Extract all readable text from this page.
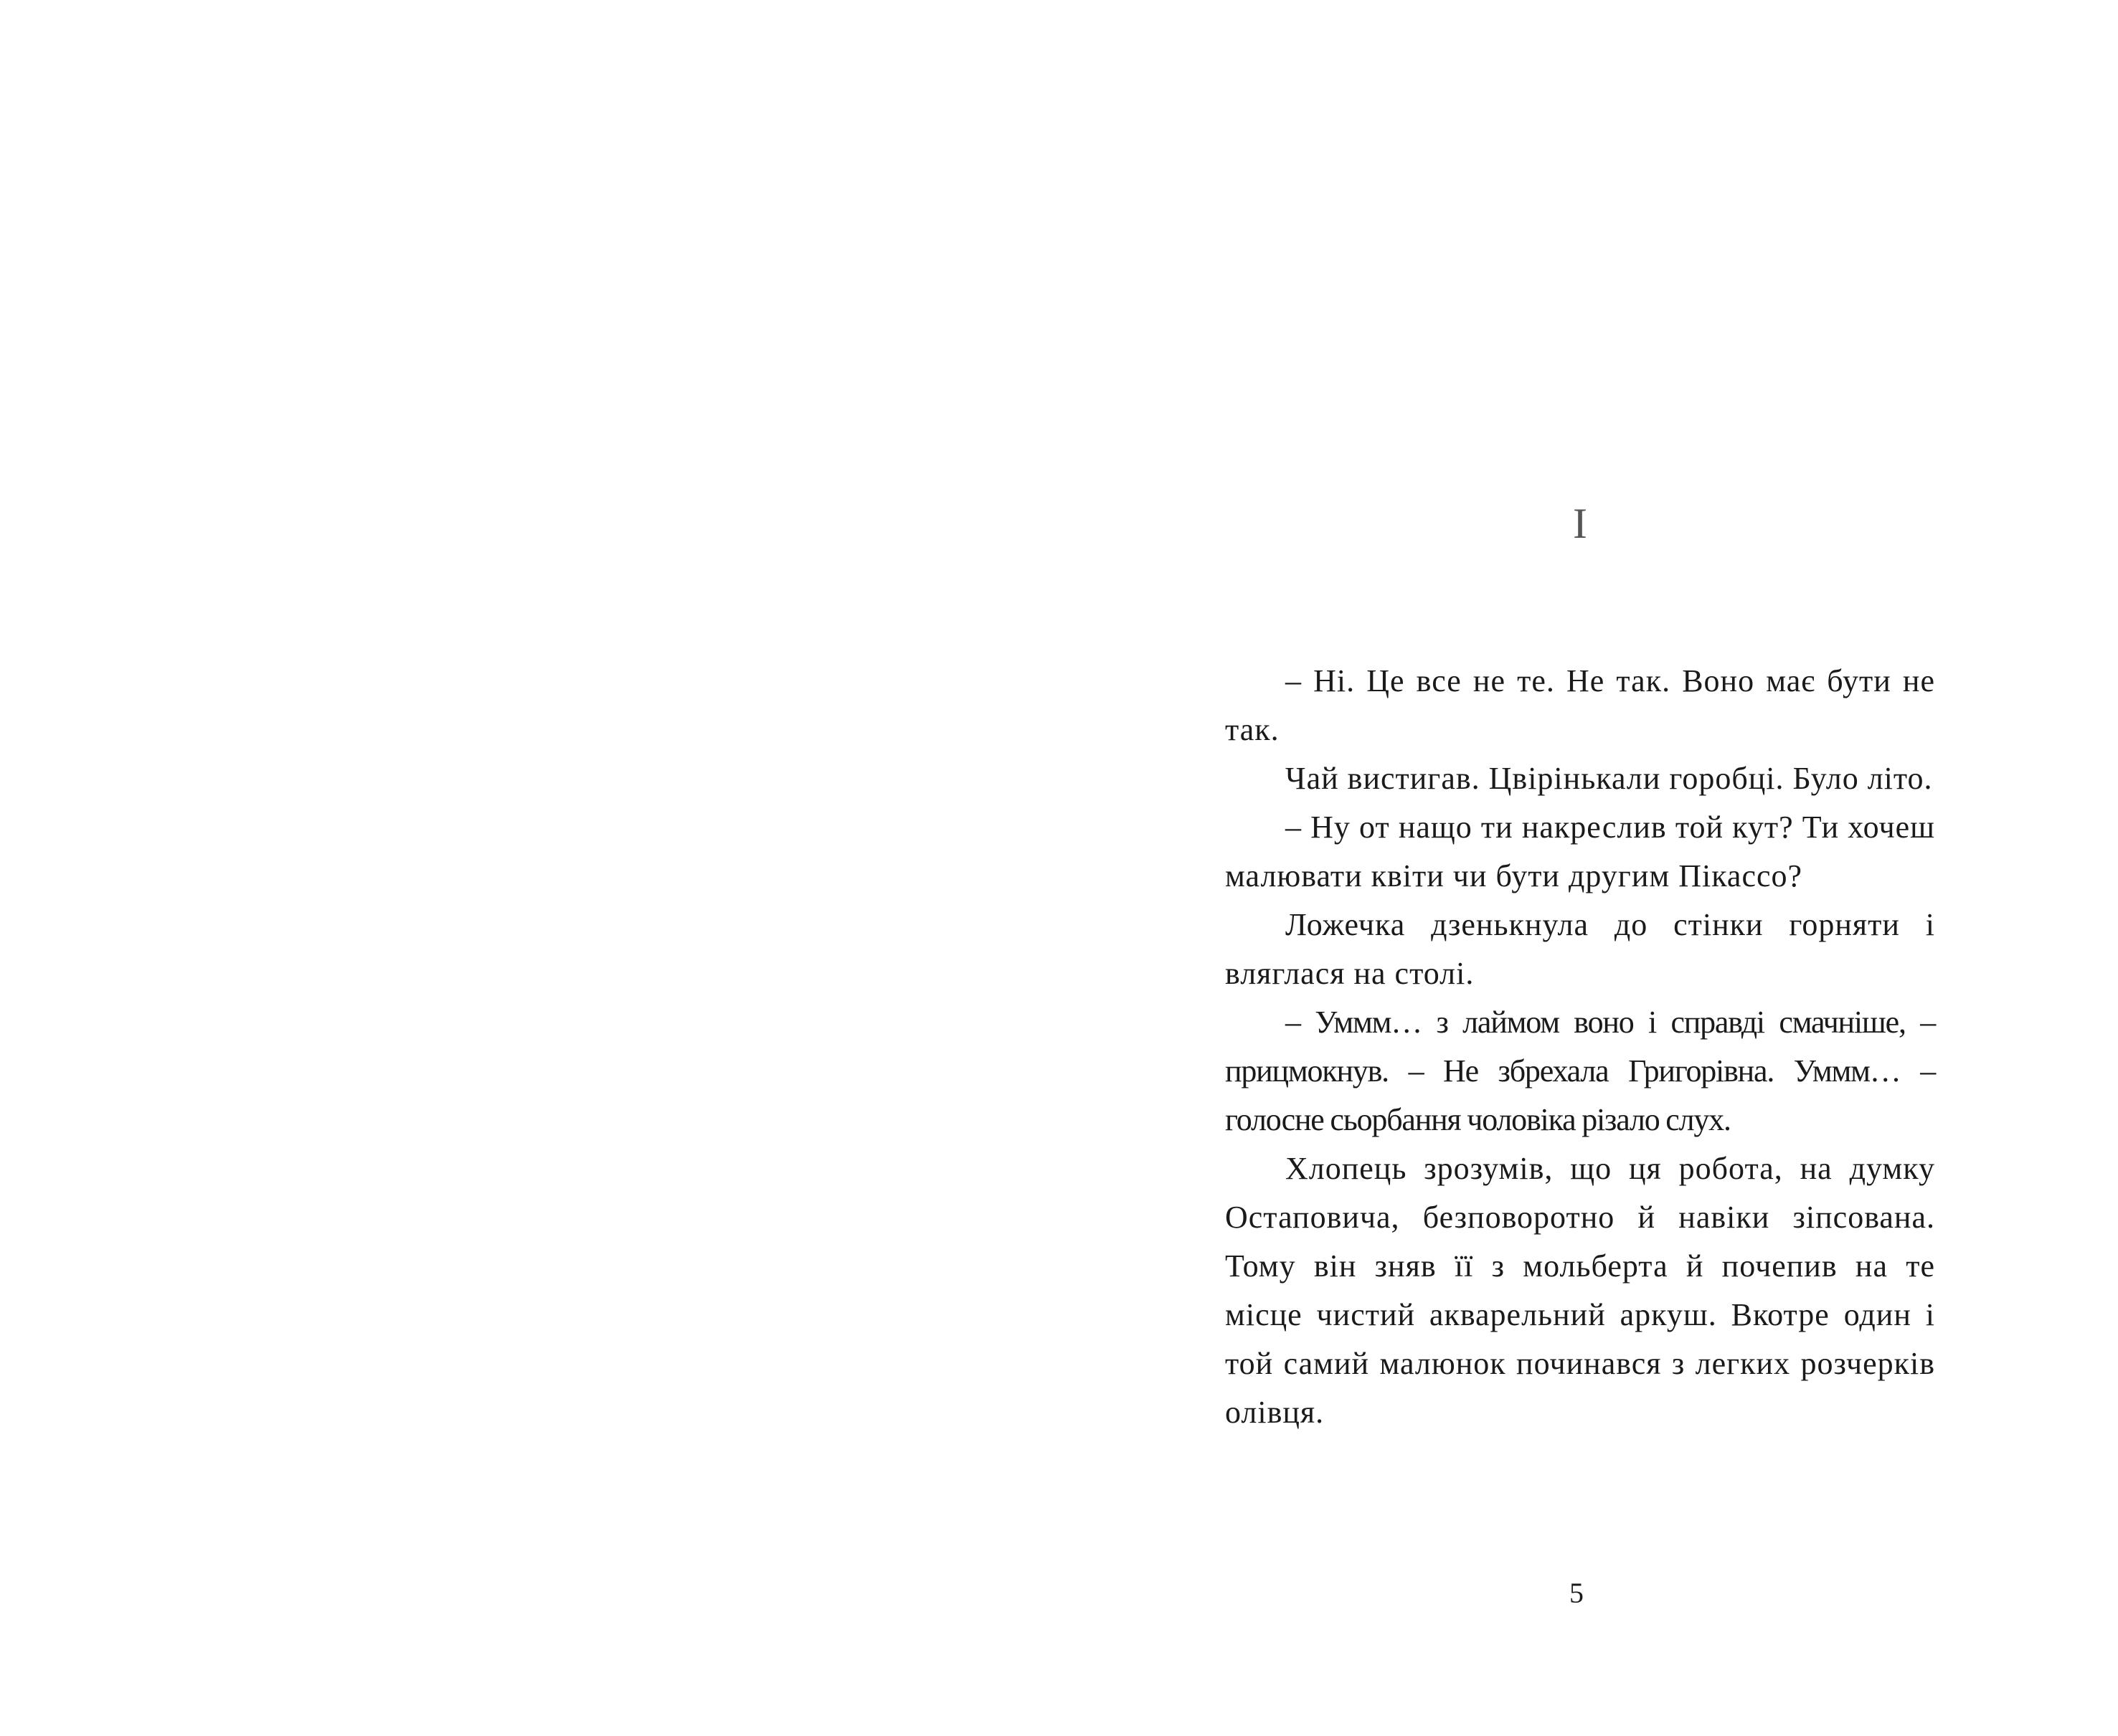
I

– Ні. Це все не те. Не так. Воно має бути не так.

Чай вистигав. Цвірінькали горобці. Було літо.

– Ну от нащо ти накреслив той кут? Ти хочеш малювати квіти чи бути другим Пікассо?

Ложечка дзенькнула до стінки горняти і вляглася на столі.

– Уммм… з лаймом воно і справді смачніше, – прицмокнув. – Не збрехала Григорівна. Уммм… – голосне сьорбання чоловіка різало слух.

Хлопець зрозумів, що ця робота, на думку Остаповича, безповоротно й навіки зіпсована. Тому він зняв її з мольберта й почепив на те місце чистий акварельний аркуш. Вкотре один і той самий малюнок починався з легких розчерків олівця.

5
